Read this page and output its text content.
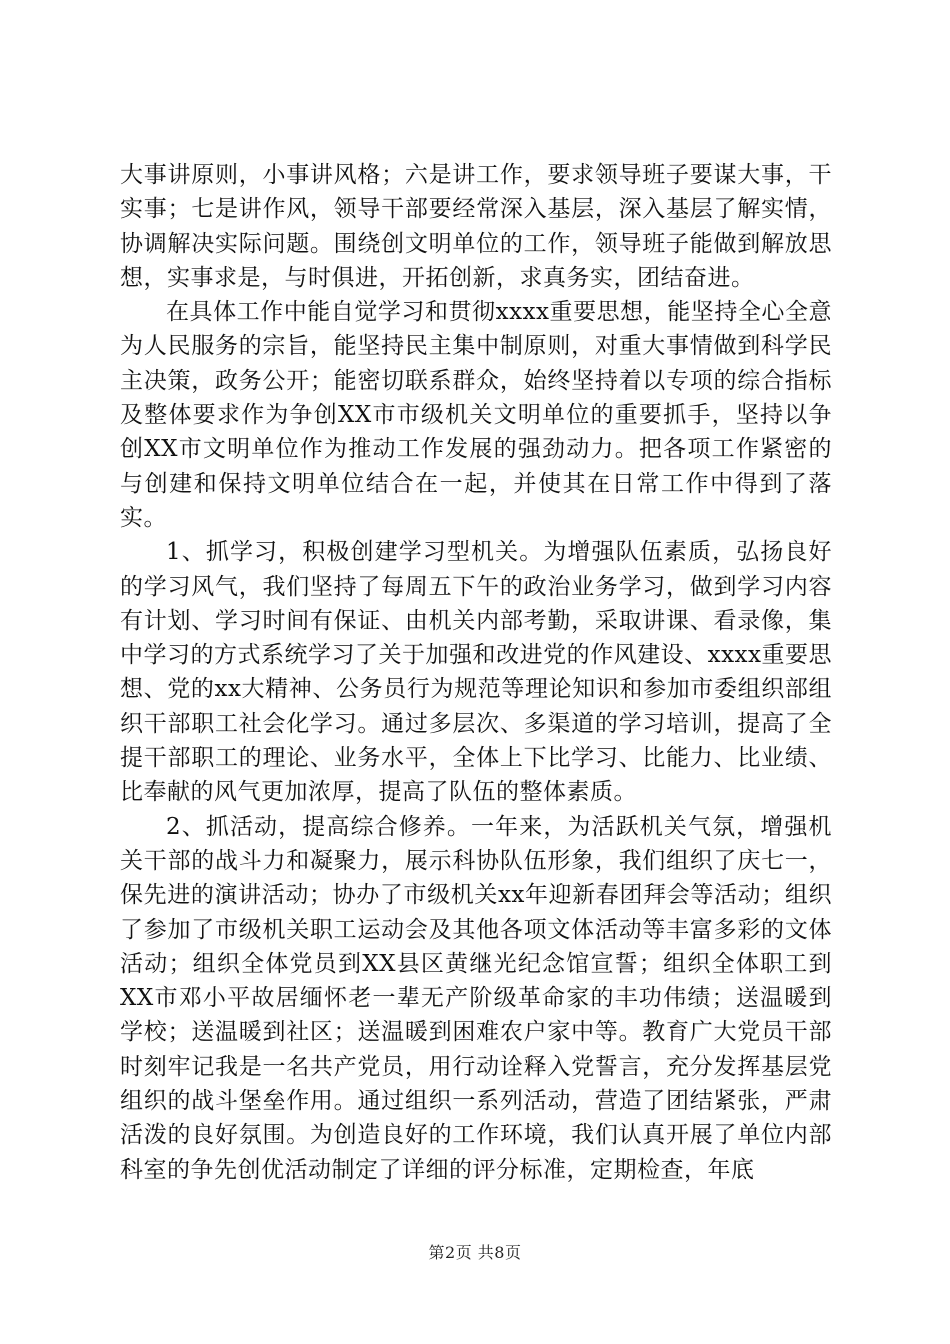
大事讲原则，小事讲风格；六是讲工作，要求领导班子要谋大事，干实事；七是讲作风，领导干部要经常深入基层，深入基层了解实情，协调解决实际问题。围绕创文明单位的工作，领导班子能做到解放思想，实事求是，与时俱进，开拓创新，求真务实，团结奋进。

在具体工作中能自觉学习和贯彻xxxx重要思想，能坚持全心全意为人民服务的宗旨，能坚持民主集中制原则，对重大事情做到科学民主决策，政务公开；能密切联系群众，始终坚持着以专项的综合指标及整体要求作为争创XX市市级机关文明单位的重要抓手，坚持以争创XX市文明单位作为推动工作发展的强劲动力。把各项工作紧密的与创建和保持文明单位结合在一起，并使其在日常工作中得到了落实。

1、抓学习，积极创建学习型机关。为增强队伍素质，弘扬良好的学习风气，我们坚持了每周五下午的政治业务学习，做到学习内容有计划、学习时间有保证、由机关内部考勤，采取讲课、看录像，集中学习的方式系统学习了关于加强和改进党的作风建设、xxxx重要思想、党的xx大精神、公务员行为规范等理论知识和参加市委组织部组织干部职工社会化学习。通过多层次、多渠道的学习培训，提高了全提干部职工的理论、业务水平，全体上下比学习、比能力、比业绩、比奉献的风气更加浓厚，提高了队伍的整体素质。

2、抓活动，提高综合修养。一年来，为活跃机关气氛，增强机关干部的战斗力和凝聚力，展示科协队伍形象，我们组织了庆七一，保先进的演讲活动；协办了市级机关xx年迎新春团拜会等活动；组织了参加了市级机关职工运动会及其他各项文体活动等丰富多彩的文体活动；组织全体党员到XX县区黄继光纪念馆宣誓；组织全体职工到XX市邓小平故居缅怀老一辈无产阶级革命家的丰功伟绩；送温暖到学校；送温暖到社区；送温暖到困难农户家中等。教育广大党员干部时刻牢记我是一名共产党员，用行动诠释入党誓言，充分发挥基层党组织的战斗堡垒作用。通过组织一系列活动，营造了团结紧张，严肃活泼的良好氛围。为创造良好的工作环境，我们认真开展了单位内部科室的争先创优活动制定了详细的评分标准，定期检查，年底

第2页 共8页
